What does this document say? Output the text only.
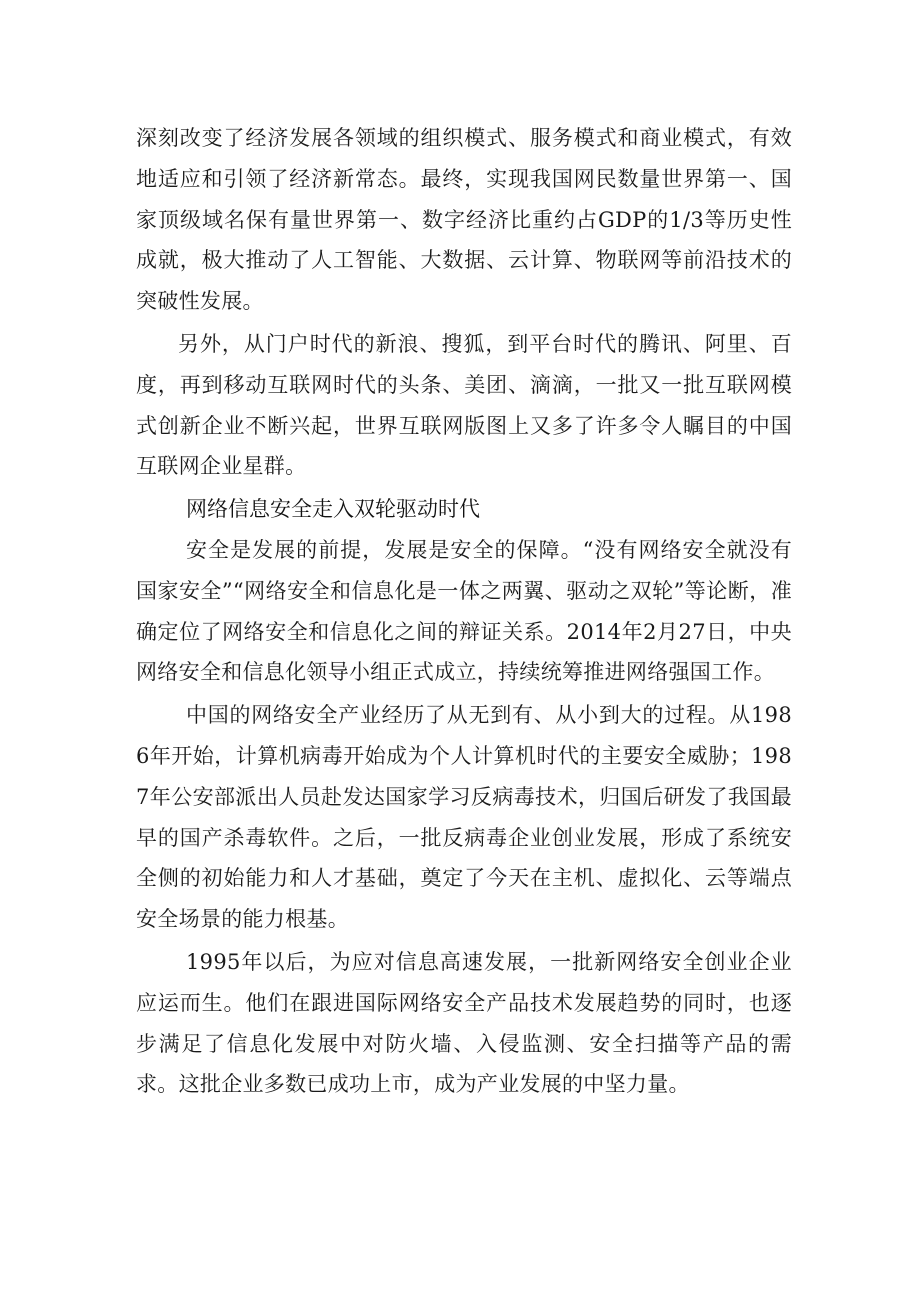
深刻改变了经济发展各领域的组织模式、服务模式和商业模式，有效地适应和引领了经济新常态。最终，实现我国网民数量世界第一、国家顶级域名保有量世界第一、数字经济比重约占GDP的1/3等历史性成就，极大推动了人工智能、大数据、云计算、物联网等前沿技术的突破性发展。

另外，从门户时代的新浪、搜狐，到平台时代的腾讯、阿里、百度，再到移动互联网时代的头条、美团、滴滴，一批又一批互联网模式创新企业不断兴起，世界互联网版图上又多了许多令人瞩目的中国互联网企业星群。

网络信息安全走入双轮驱动时代

安全是发展的前提，发展是安全的保障。“没有网络安全就没有国家安全”“网络安全和信息化是一体之两翼、驱动之双轮”等论断，准确定位了网络安全和信息化之间的辩证关系。2014年2月27日，中央网络安全和信息化领导小组正式成立，持续统筹推进网络强国工作。

中国的网络安全产业经历了从无到有、从小到大的过程。从1986年开始，计算机病毒开始成为个人计算机时代的主要安全威胁；1987年公安部派出人员赴发达国家学习反病毒技术，归国后研发了我国最早的国产杀毒软件。之后，一批反病毒企业创业发展，形成了系统安全侧的初始能力和人才基础，奠定了今天在主机、虚拟化、云等端点安全场景的能力根基。

1995年以后，为应对信息高速发展，一批新网络安全创业企业应运而生。他们在跟进国际网络安全产品技术发展趋势的同时，也逐步满足了信息化发展中对防火墙、入侵监测、安全扫描等产品的需求。这批企业多数已成功上市，成为产业发展的中坚力量。
